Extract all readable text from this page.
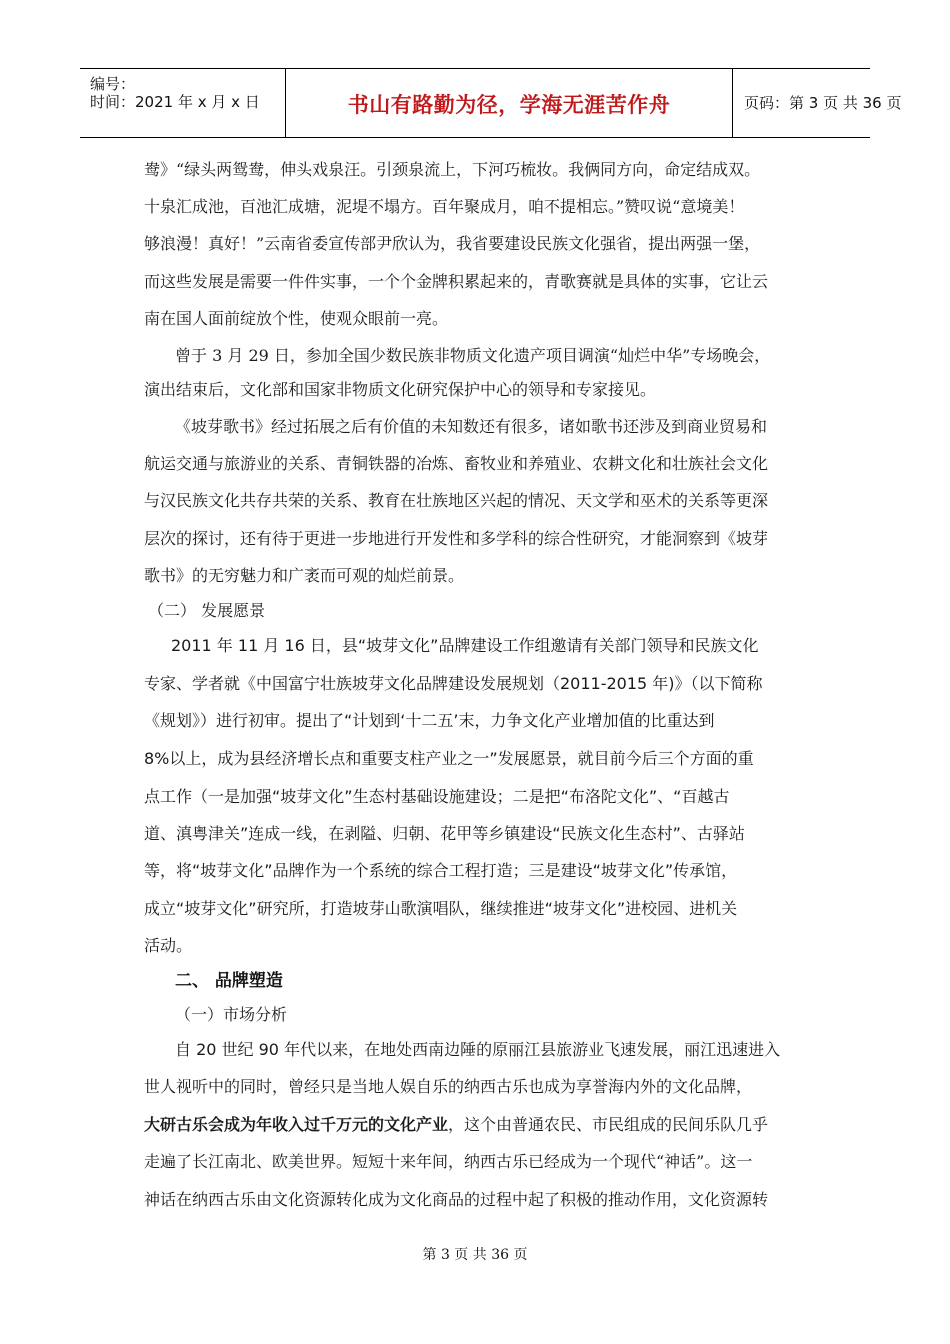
编号：
时间：2021 年 x 月 x 日	书山有路勤为径，学海无涯苦作舟	页码：第 3 页 共 36 页
鸯》“绿头两鸳鸯，伸头戏泉汪。引颈泉流上，下河巧梳妆。我俩同方向，命定结成双。
十泉汇成池，百池汇成塘，泥堤不塌方。百年聚成月，咱不提相忘。”赞叹说“意境美！
够浪漫！真好！”云南省委宣传部尹欣认为，我省要建设民族文化强省，提出两强一堡，
而这些发展是需要一件件实事，一个个金牌积累起来的，青歌赛就是具体的实事，它让云
南在国人面前绽放个性，使观众眼前一亮。
曾于 3 月 29 日，参加全国少数民族非物质文化遗产项目调演“灿烂中华”专场晚会，
演出结束后，文化部和国家非物质文化研究保护中心的领导和专家接见。
《坡芽歌书》经过拓展之后有价值的未知数还有很多，诸如歌书还涉及到商业贸易和
航运交通与旅游业的关系、青铜铁器的冶炼、畜牧业和养殖业、农耕文化和壮族社会文化
与汉民族文化共存共荣的关系、教育在壮族地区兴起的情况、天文学和巫术的关系等更深
层次的探讨，还有待于更进一步地进行开发性和多学科的综合性研究，才能洞察到《坡芽
歌书》的无穷魅力和广袤而可观的灿烂前景。
（二） 发展愿景
2011 年 11 月 16 日，县“坡芽文化”品牌建设工作组邀请有关部门领导和民族文化
专家、学者就《中国富宁壮族坡芽文化品牌建设发展规划（2011-2015 年)》（以下简称
《规划》）进行初审。提出了“计划到‘十二五’末，力争文化产业增加值的比重达到
8%以上，成为县经济增长点和重要支柱产业之一”发展愿景，就目前今后三个方面的重
点工作（一是加强“坡芽文化”生态村基础设施建设；二是把“布洛陀文化”、“百越古
道、滇粤津关”连成一线，在剥隘、归朝、花甲等乡镇建设“民族文化生态村”、古驿站
等，将“坡芽文化”品牌作为一个系统的综合工程打造；三是建设“坡芽文化”传承馆，
成立“坡芽文化”研究所，打造坡芽山歌演唱队，继续推进“坡芽文化”进校园、进机关
活动。
二、 品牌塑造
（一）市场分析
自 20 世纪 90 年代以来，在地处西南边陲的原丽江县旅游业飞速发展，丽江迅速进入
世人视听中的同时，曾经只是当地人娱自乐的纳西古乐也成为享誉海内外的文化品牌，
大研古乐会成为年收入过千万元的文化产业，这个由普通农民、市民组成的民间乐队几乎
走遍了长江南北、欧美世界。短短十来年间，纳西古乐已经成为一个现代“神话”。这一
神话在纳西古乐由文化资源转化成为文化商品的过程中起了积极的推动作用，文化资源转
第 3 页 共 36 页
